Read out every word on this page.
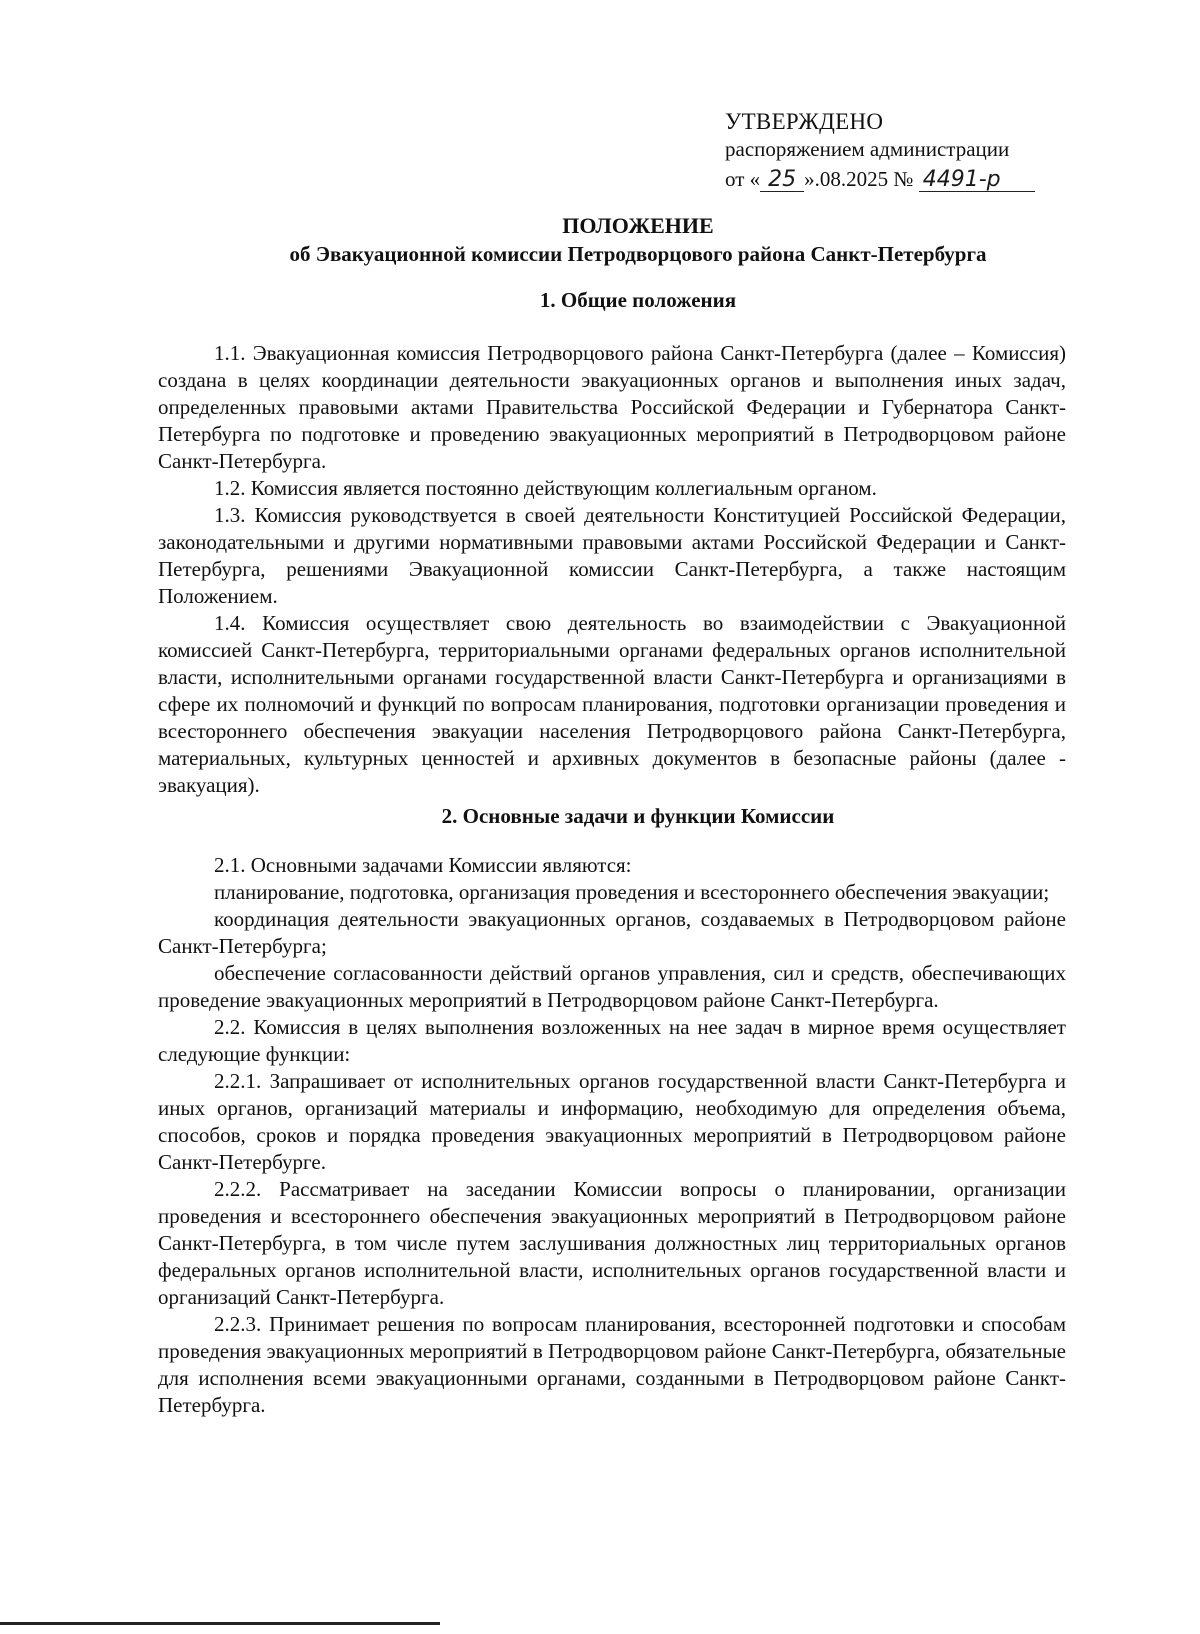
УТВЕРЖДЕНО
распоряжением администрации
от « 25 ».08.2025 № 4491-р
ПОЛОЖЕНИЕ
об Эвакуационной комиссии Петродворцового района Санкт-Петербурга
1. Общие положения

1.1. Эвакуационная комиссия Петродворцового района Санкт-Петербурга (далее – Комиссия) создана в целях координации деятельности эвакуационных органов и выполнения иных задач, определенных правовыми актами Правительства Российской Федерации и Губернатора Санкт-Петербурга по подготовке и проведению эвакуационных мероприятий в Петродворцовом районе Санкт-Петербурга.

1.2. Комиссия является постоянно действующим коллегиальным органом.

1.3. Комиссия руководствуется в своей деятельности Конституцией Российской Федерации, законодательными и другими нормативными правовыми актами Российской Федерации и Санкт-Петербурга, решениями Эвакуационной комиссии Санкт-Петербурга, а также настоящим Положением.

1.4. Комиссия осуществляет свою деятельность во взаимодействии с Эвакуационной комиссией Санкт-Петербурга, территориальными органами федеральных органов исполнительной власти, исполнительными органами государственной власти Санкт-Петербурга и организациями в сфере их полномочий и функций по вопросам планирования, подготовки организации проведения и всестороннего обеспечения эвакуации населения Петродворцового района Санкт-Петербурга, материальных, культурных ценностей и архивных документов в безопасные районы (далее - эвакуация).

2. Основные задачи и функции Комиссии

2.1. Основными задачами Комиссии являются:

планирование, подготовка, организация проведения и всестороннего обеспечения эвакуации;

координация деятельности эвакуационных органов, создаваемых в Петродворцовом районе Санкт-Петербурга;

обеспечение согласованности действий органов управления, сил и средств, обеспечивающих проведение эвакуационных мероприятий в Петродворцовом районе Санкт-Петербурга.

2.2. Комиссия в целях выполнения возложенных на нее задач в мирное время осуществляет следующие функции:

2.2.1. Запрашивает от исполнительных органов государственной власти Санкт-Петербурга и иных органов, организаций материалы и информацию, необходимую для определения объема, способов, сроков и порядка проведения эвакуационных мероприятий в Петродворцовом районе Санкт-Петербурге.

2.2.2. Рассматривает на заседании Комиссии вопросы о планировании, организации проведения и всестороннего обеспечения эвакуационных мероприятий в Петродворцовом районе Санкт-Петербурга, в том числе путем заслушивания должностных лиц территориальных органов федеральных органов исполнительной власти, исполнительных органов государственной власти и организаций Санкт-Петербурга.

2.2.3. Принимает решения по вопросам планирования, всесторонней подготовки и способам проведения эвакуационных мероприятий в Петродворцовом районе Санкт-Петербурга, обязательные для исполнения всеми эвакуационными органами, созданными в Петродворцовом районе Санкт-Петербурга.
